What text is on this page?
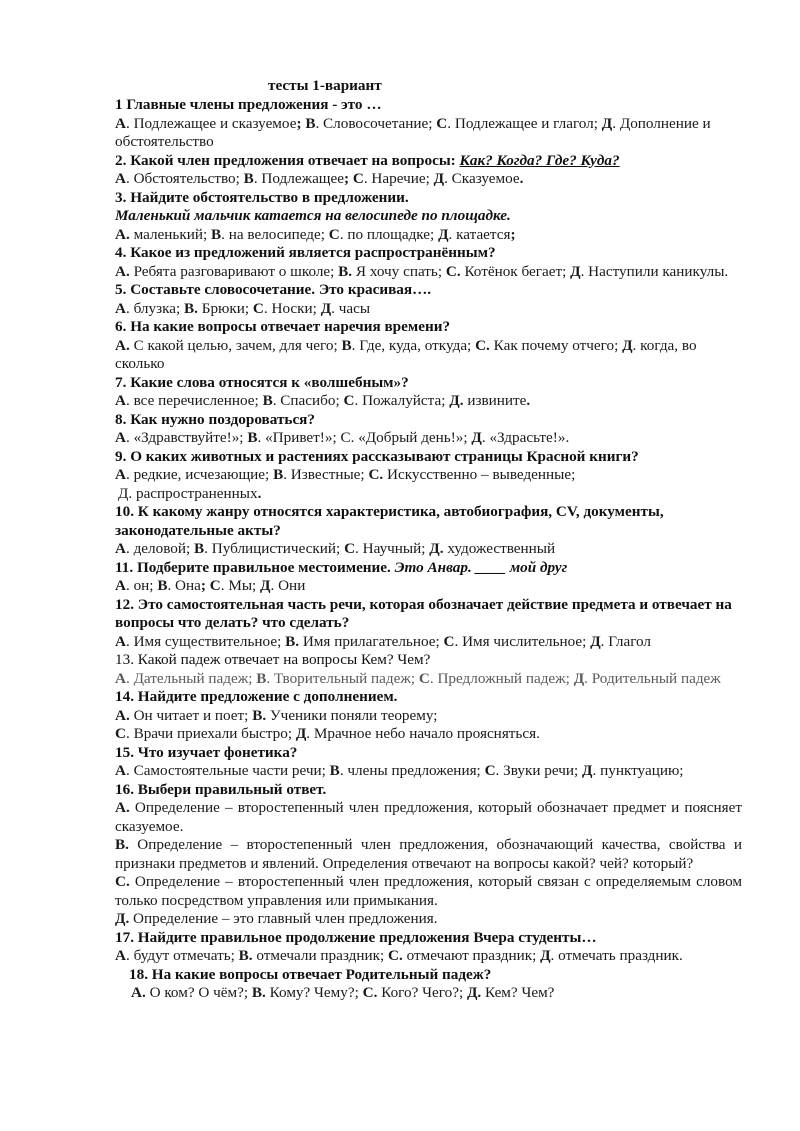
тесты 1-вариант
1 Главные члены предложения - это …
А. Подлежащее и сказуемое; В. Словосочетание; С. Подлежащее и глагол; Д. Дополнение и обстоятельство
2. Какой член предложения отвечает на вопросы: Как? Когда? Где? Куда?
А. Обстоятельство; В. Подлежащее; С. Наречие; Д. Сказуемое.
3. Найдите обстоятельство в предложении.
Маленький мальчик катается на велосипеде по площадке.
А. маленький; В. на велосипеде; С. по площадке; Д. катается;
4. Какое из предложений является распространённым?
А. Ребята разговаривают о школе; В. Я хочу спать; С. Котёнок бегает; Д. Наступили каникулы.
5. Составьте словосочетание. Это красивая….
А. блузка; В. Брюки; С. Носки; Д. часы
6. На какие вопросы отвечает наречия времени?
А. С какой целью, зачем, для чего; В. Где, куда, откуда; С. Как почему отчего; Д. когда, во сколько
7. Какие слова относятся к «волшебным»?
А. все перечисленное; В. Спасибо; С. Пожалуйста; Д. извините.
8. Как нужно поздороваться?
А. «Здравствуйте!»; В. «Привет!»; С. «Добрый день!»; Д. «Здрасьте!».
9. О каких животных и растениях рассказывают страницы Красной книги?
А. редкие, исчезающие; В. Известные; С. Искусственно – выведенные;
Д. распространенных.
10. К какому жанру относятся характеристика, автобиография, CV, документы, законодательные акты?
А. деловой; В. Публицистический; С. Научный; Д. художественный
11. Подберите правильное местоимение. Это Анвар. ____ мой друг
А. он; В. Она; С. Мы; Д. Они
12. Это самостоятельная часть речи, которая обозначает действие предмета и отвечает на вопросы что делать? что сделать?
А. Имя существительное; В. Имя прилагательное; С. Имя числительное; Д. Глагол
13. Какой падеж отвечает на вопросы Кем? Чем?
А. Дательный падеж; В. Творительный падеж; С. Предложный падеж; Д. Родительный падеж
14. Найдите предложение с дополнением.
А. Он читает и поет; В. Ученики поняли теорему;
С. Врачи приехали быстро; Д. Мрачное небо начало проясняться.
15. Что изучает фонетика?
А. Самостоятельные части речи; В. члены предложения; С. Звуки речи; Д. пунктуацию;
16. Выбери правильный ответ.
А. Определение – второстепенный член предложения, который обозначает предмет и поясняет сказуемое.
В. Определение – второстепенный член предложения, обозначающий качества, свойства и признаки предметов и явлений. Определения отвечают на вопросы какой? чей? который?
С. Определение – второстепенный член предложения, который связан с определяемым словом только посредством управления или примыкания.
Д. Определение – это главный член предложения.
17. Найдите правильное продолжение предложения Вчера студенты…
А. будут отмечать; В. отмечали праздник; С. отмечают праздник; Д. отмечать праздник.
18. На какие вопросы отвечает Родительный падеж?
А. О ком? О чём?; В. Кому? Чему?; С. Кого? Чего?; Д. Кем? Чем?
